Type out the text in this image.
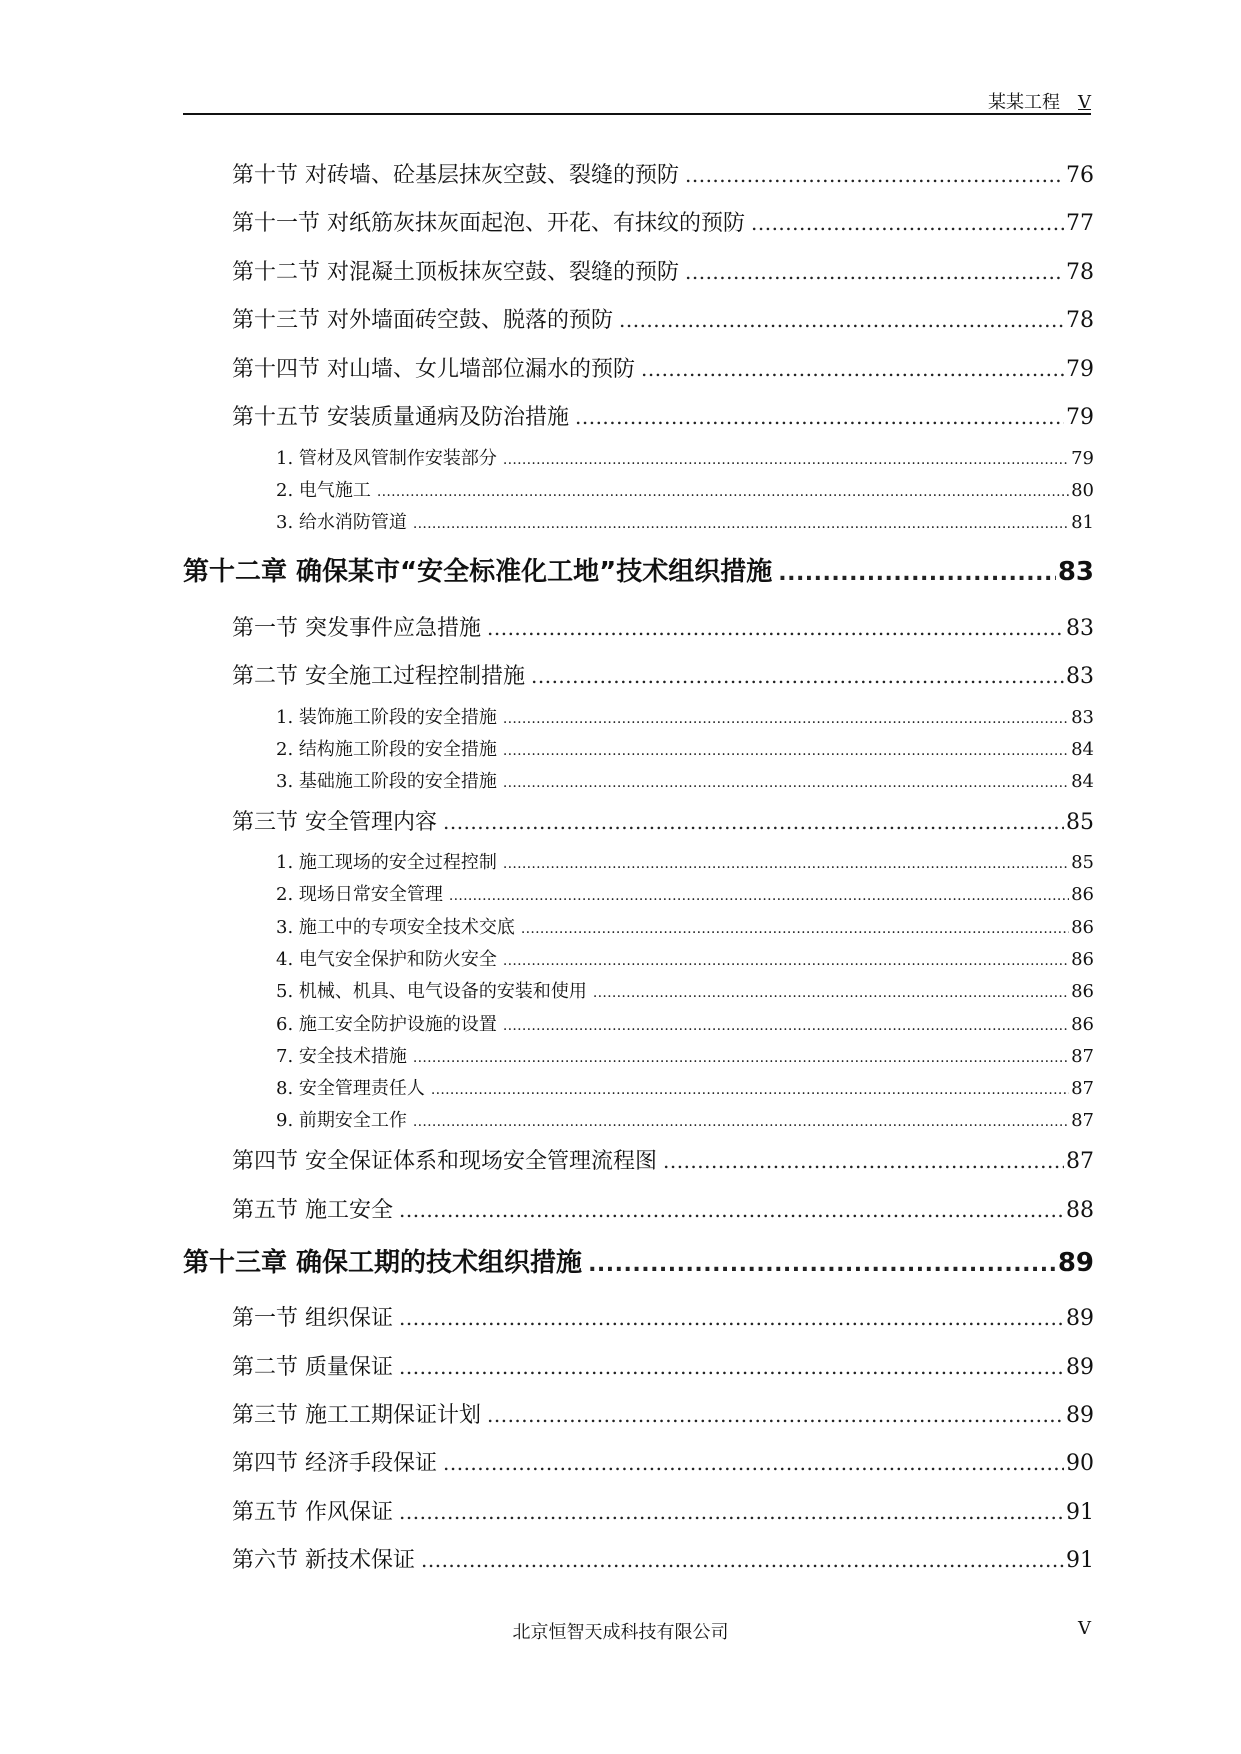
某某工程 V
第十节 对砖墙、砼基层抹灰空鼓、裂缝的预防 .....	76
第十一节 对纸筋灰抹灰面起泡、开花、有抹纹的预防 .....	77
第十二节 对混凝土顶板抹灰空鼓、裂缝的预防 .....	78
第十三节 对外墙面砖空鼓、脱落的预防 .....	78
第十四节 对山墙、女儿墙部位漏水的预防 .....	79
第十五节 安装质量通病及防治措施 .....	79
1. 管材及风管制作安装部分 .....	79
2. 电气施工 .....	80
3. 给水消防管道 .....	81
第十二章 确保某市“安全标准化工地”技术组织措施 .....	83
第一节 突发事件应急措施 .....	83
第二节 安全施工过程控制措施 .....	83
1. 装饰施工阶段的安全措施 .....	83
2. 结构施工阶段的安全措施 .....	84
3. 基础施工阶段的安全措施 .....	84
第三节 安全管理内容 .....	85
1. 施工现场的安全过程控制 .....	85
2. 现场日常安全管理 .....	86
3. 施工中的专项安全技术交底 .....	86
4. 电气安全保护和防火安全 .....	86
5. 机械、机具、电气设备的安装和使用 .....	86
6. 施工安全防护设施的设置 .....	86
7. 安全技术措施 .....	87
8. 安全管理责任人 .....	87
9. 前期安全工作 .....	87
第四节 安全保证体系和现场安全管理流程图 .....	87
第五节 施工安全 .....	88
第十三章 确保工期的技术组织措施 .....	89
第一节 组织保证 .....	89
第二节 质量保证 .....	89
第三节 施工工期保证计划 .....	89
第四节 经济手段保证 .....	90
第五节 作风保证 .....	91
第六节 新技术保证 .....	91
北京恒智天成科技有限公司	V
